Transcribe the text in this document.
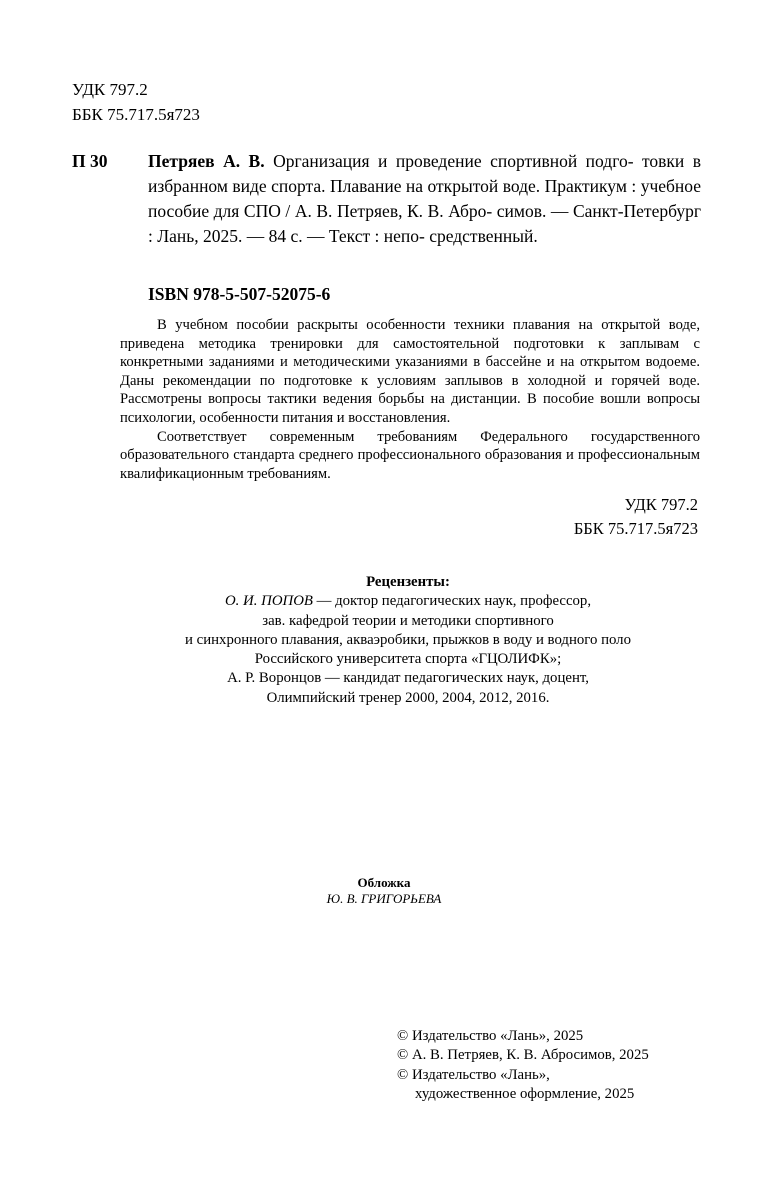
УДК 797.2
ББК 75.717.5я723
П 30 Петряев А. В. Организация и проведение спортивной подго- товки в избранном виде спорта. Плавание на открытой воде. Практикум : учебное пособие для СПО / А. В. Петряев, К. В. Абро- симов. — Санкт-Петербург : Лань, 2025. — 84 с. — Текст : непо- средственный.
ISBN 978-5-507-52075-6

В учебном пособии раскрыты особенности техники плавания на открытой воде, приведена методика тренировки для самостоятельной подготовки к заплывам с конкретными заданиями и методическими указаниями в бассейне и на открытом водоеме. Даны рекомендации по подготовке к условиям заплывов в холодной и горячей воде. Рассмотрены вопросы тактики ведения борьбы на дистанции. В пособие вошли вопросы психологии, особенности питания и восстановления.

Соответствует современным требованиям Федерального государственного образовательного стандарта среднего профессионального образования и профессиональным квалификационным требованиям.

УДК 797.2
ББК 75.717.5я723
Рецензенты:
О. И. ПОПОВ — доктор педагогических наук, профессор,
зав. кафедрой теории и методики спортивного
и синхронного плавания, акваэробики, прыжков в воду и водного поло
Российского университета спорта «ГЦОЛИФК»;
А. Р. Воронцов — кандидат педагогических наук, доцент,
Олимпийский тренер 2000, 2004, 2012, 2016.
Обложка
Ю. В. ГРИГОРЬЕВА
© Издательство «Лань», 2025
© А. В. Петряев, К. В. Абросимов, 2025
© Издательство «Лань»,
художественное оформление, 2025
